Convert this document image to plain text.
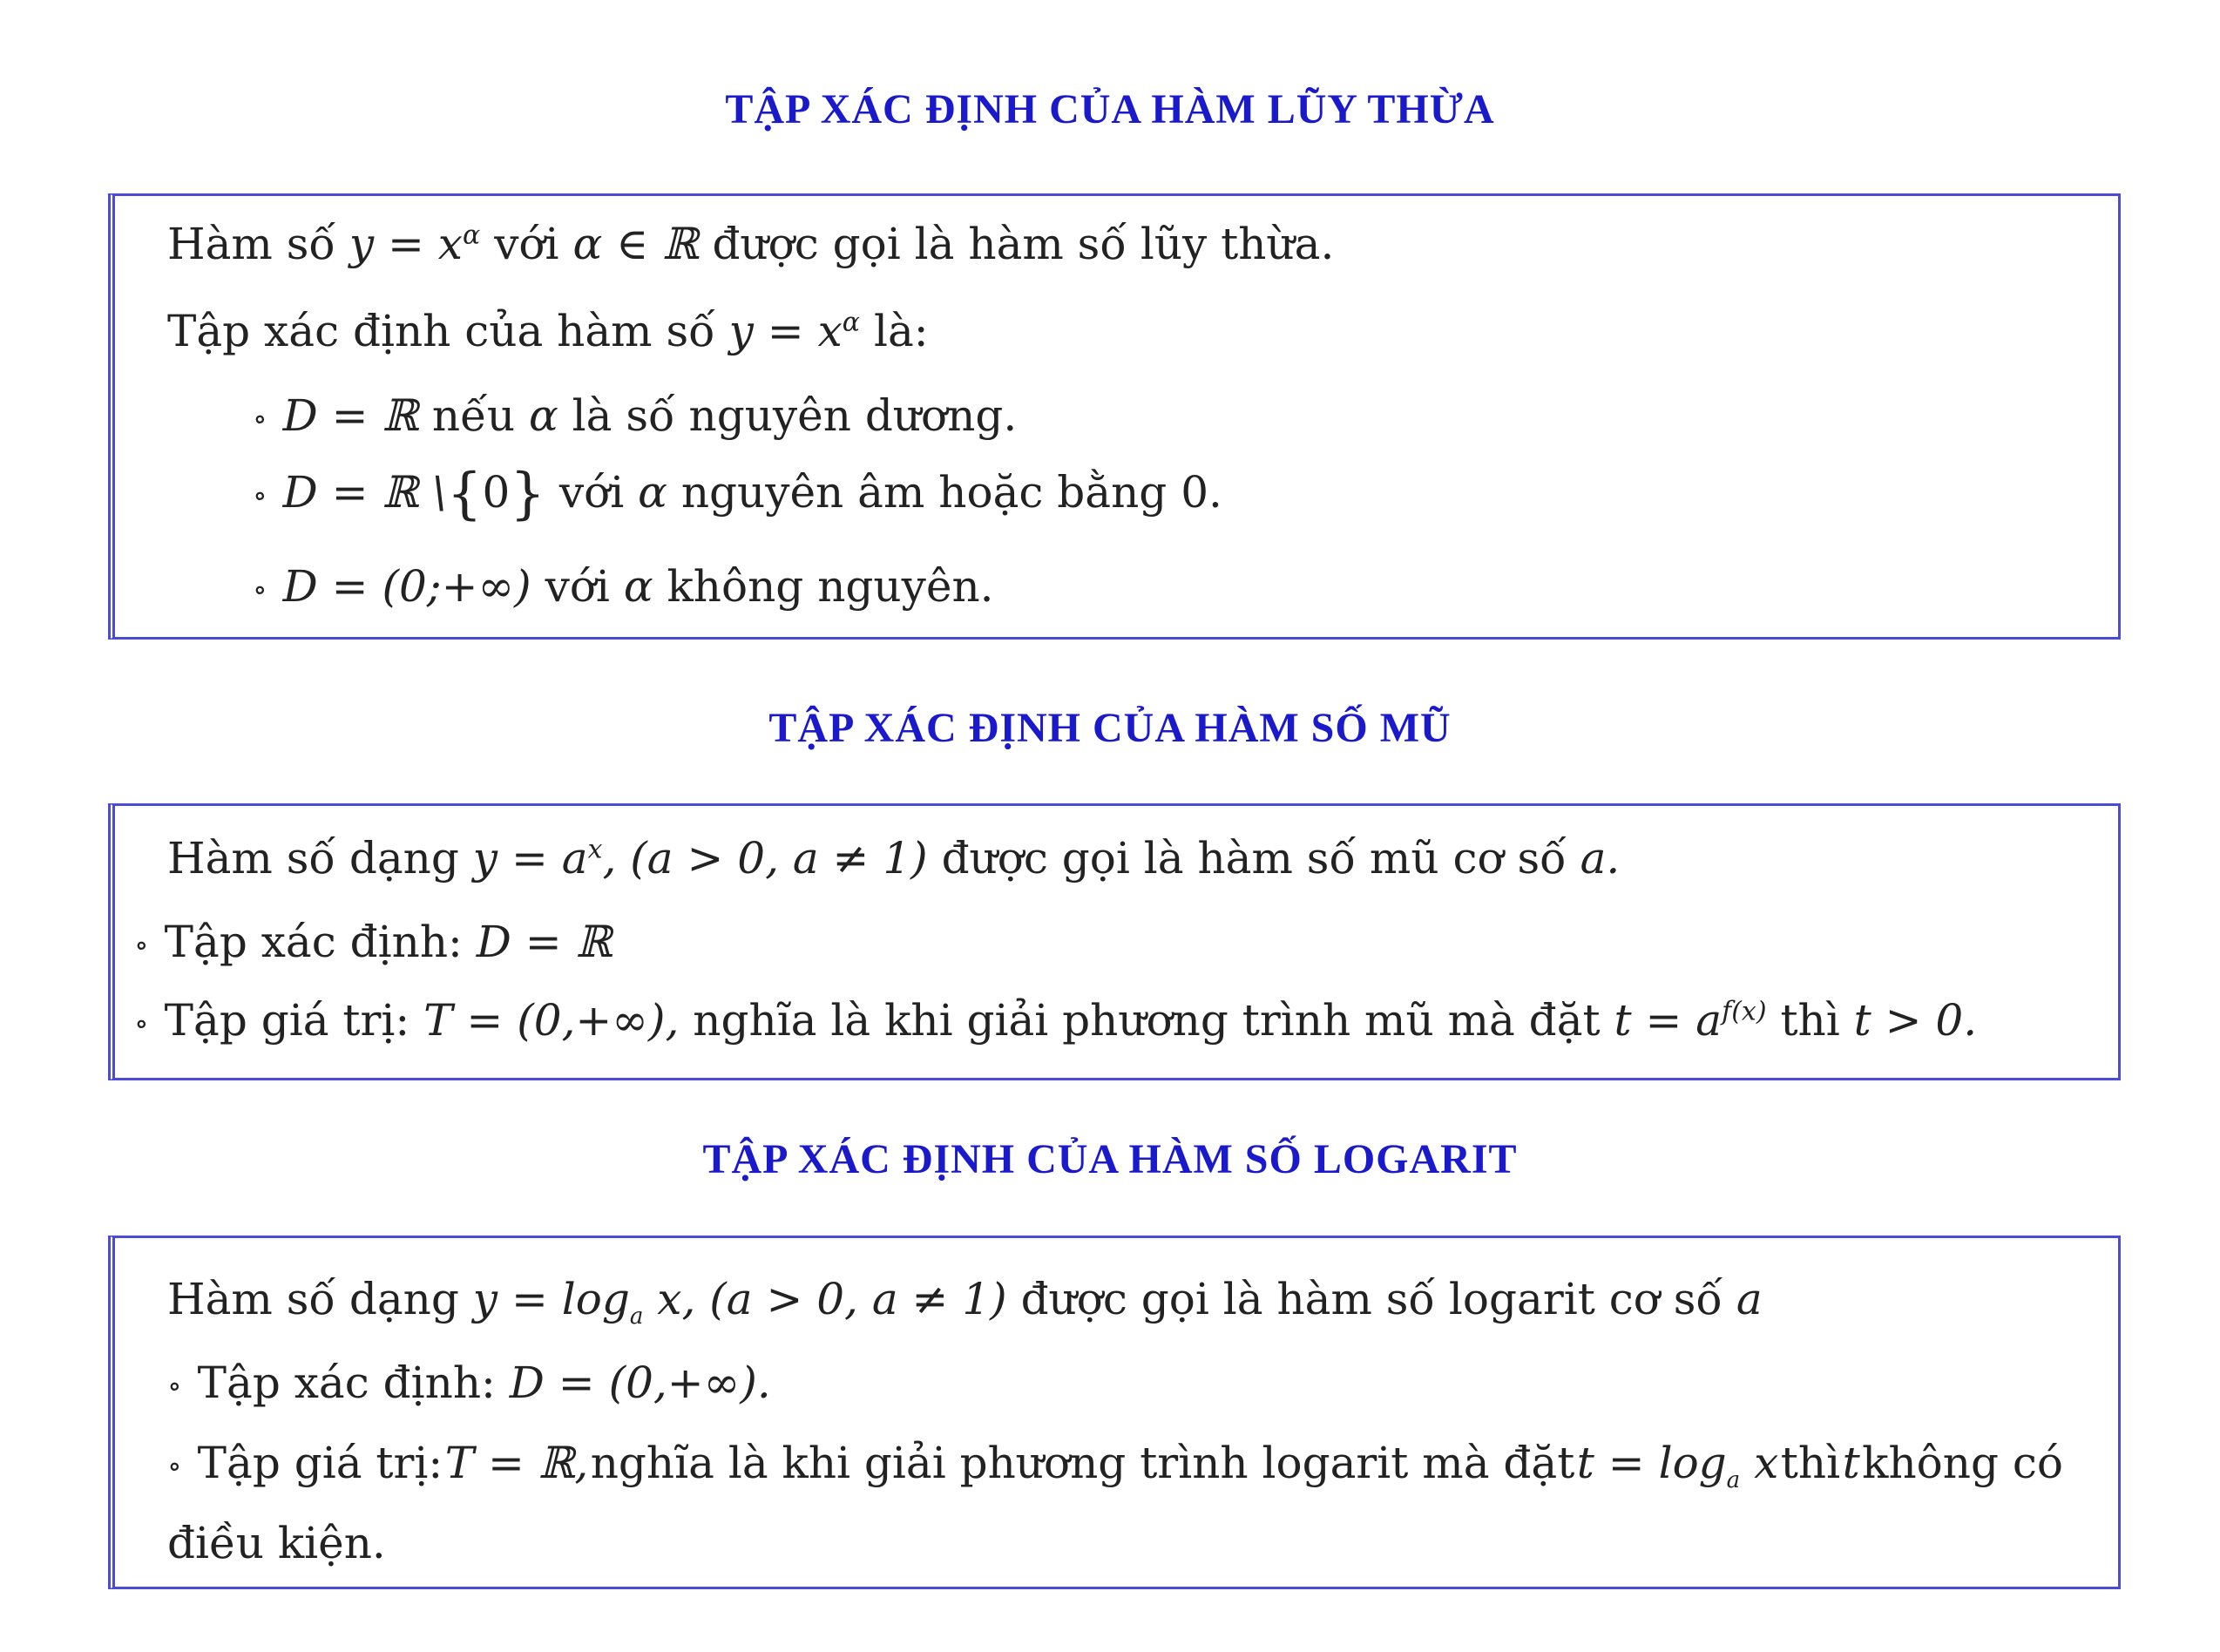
TẬP XÁC ĐỊNH CỦA HÀM LŨY THỪA
Hàm số $y = x^\alpha$ với α ∈ ℝ được gọi là hàm số lũy thừa.
Tập xác định của hàm số $y = x^\alpha$ là:
∘ D = ℝ nếu α là số nguyên dương.
∘ D = ℝ \{0} với α nguyên âm hoặc bằng 0.
∘ D = (0;+∞) với α không nguyên.
TẬP XÁC ĐỊNH CỦA HÀM SỐ MŨ
Hàm số dạng $y = a^x$, (a > 0, a ≠ 1) được gọi là hàm số mũ cơ số a.
∘ Tập xác định: D = ℝ
∘ Tập giá trị: T = (0,+∞), nghĩa là khi giải phương trình mũ mà đặt $t = a^{f(x)}$ thì t > 0.
TẬP XÁC ĐỊNH CỦA HÀM SỐ LOGARIT
Hàm số dạng $y = \log_a x$, (a > 0, a ≠ 1) được gọi là hàm số logarit cơ số a
∘ Tập xác định: D = (0,+∞).
∘ Tập giá trị: T = ℝ, nghĩa là khi giải phương trình logarit mà đặt $t = \log_a x$ thì t không có
điều kiện.
